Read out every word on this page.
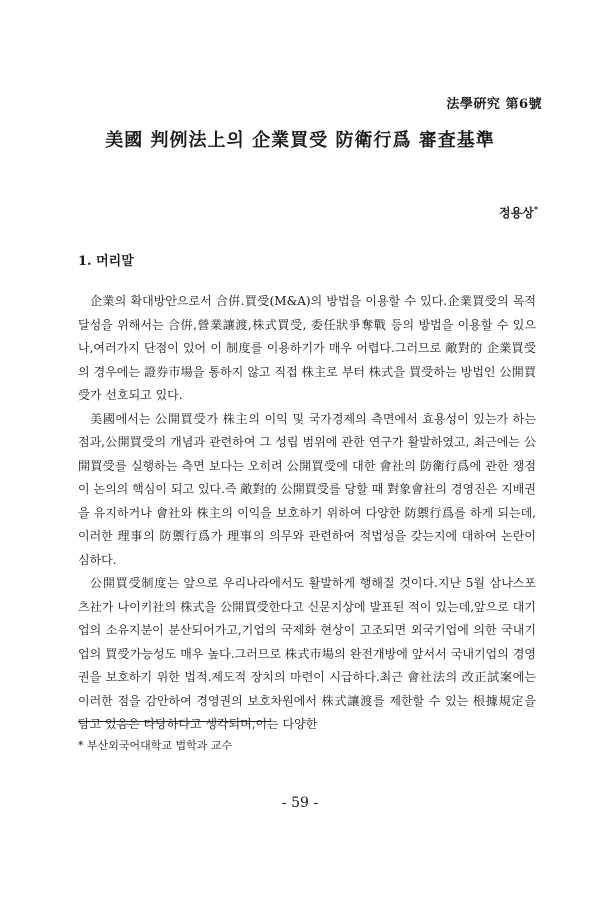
法學硏究 第6號
美國 判例法上의 企業買受 防衛行爲 審査基準
정용상*
1. 머리말

企業의 확대방안으로서 合倂.買受(M&A)의 방법을 이용할 수 있다.企業買受의 목적달성을 위해서는 合倂,營業讓渡,株式買受, 委任狀爭奪戰 등의 방법을 이용할 수 있으나,여러가지 단점이 있어 이 制度를 이용하기가 매우 어렵다.그러므로 敵對的 企業買受의 경우에는 證券市場을 통하지 않고 직접 株主로 부터 株式을 買受하는 방법인 公開買受가 선호되고 있다.

美國에서는 公開買受가 株主의 이익 및 국가경제의 측면에서 효용성이 있는가 하는 점과,公開買受의 개념과 관련하여 그 성립 범위에 관한 연구가 활발하였고, 최근에는 公開買受를 실행하는 측면 보다는 오히려 公開買受에 대한 會社의 防衛行爲에 관한 쟁점이 논의의 핵심이 되고 있다.즉 敵對的 公開買受를 당할 때 對象會社의 경영진은 지배권을 유지하거나 會社와 株主의 이익을 보호하기 위하여 다양한 防禦行爲를 하게 되는데,이러한 理事의 防禦行爲가 理事의 의무와 관련하여 적법성을 갖는지에 대하여 논란이 심하다.

公開買受制度는 앞으로 우리나라에서도 활발하게 행해질 것이다.지난 5월 삼나스포츠社가 나이키社의 株式을 公開買受한다고 신문지상에 발표된 적이 있는데,앞으로 대기업의 소유지분이 분산되어가고,기업의 국제화 현상이 고조되면 외국기업에 의한 국내기업의 買受가능성도 매우 높다.그러므로 株式市場의 완전개방에 앞서서 국내기업의 경영권을 보호하기 위한 법적.제도적 장치의 마련이 시급하다.최근 會社法의 改正試案에는 이러한 점을 감안하여 경영권의 보호차원에서 株式讓渡를 제한할 수 있는 根據規定을 담고 있음은 타당하다고 생각되며,이는 다양한

* 부산외국어대학교 법학과 교수
- 59 -
